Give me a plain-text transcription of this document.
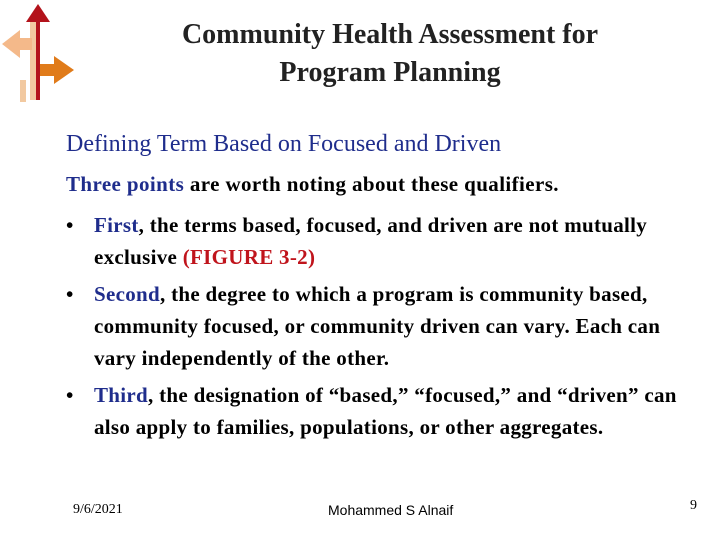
Community Health Assessment for
Program Planning
Defining Term Based on Focused and Driven
Three points are worth noting about these qualifiers.
• First, the terms based, focused, and driven are not mutually exclusive (FIGURE 3-2)
• Second, the degree to which a program is community based, community focused, or community driven can vary. Each can vary independently of the other.
• Third, the designation of “based,” “focused,” and “driven” can also apply to families, populations, or other aggregates.
9/6/2021	Mohammed S Alnaif	9
